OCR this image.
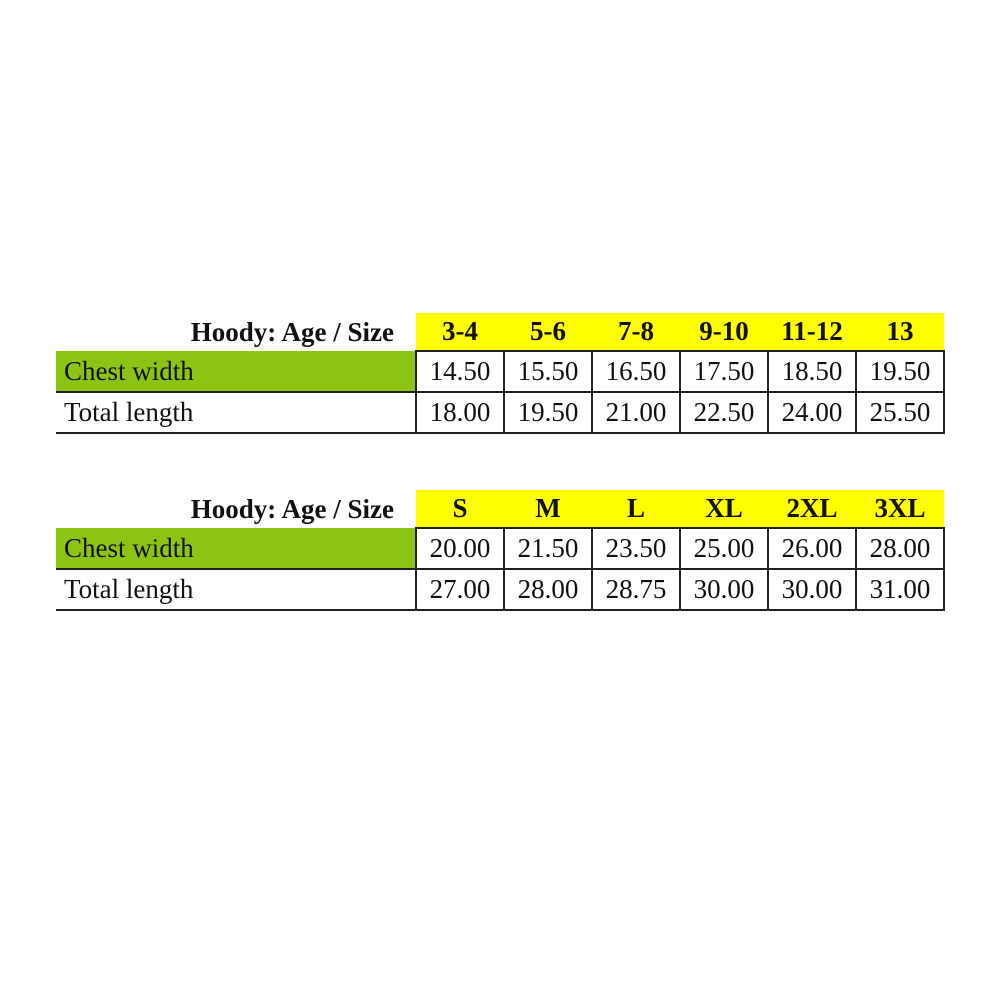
Hoody: Age / Size	3-4	5-6	7-8	9-10	11-12	13
Chest width	14.50	15.50	16.50	17.50	18.50	19.50
Total length	18.00	19.50	21.00	22.50	24.00	25.50
Hoody: Age / Size	S	M	L	XL	2XL	3XL
Chest width	20.00	21.50	23.50	25.00	26.00	28.00
Total length	27.00	28.00	28.75	30.00	30.00	31.00
